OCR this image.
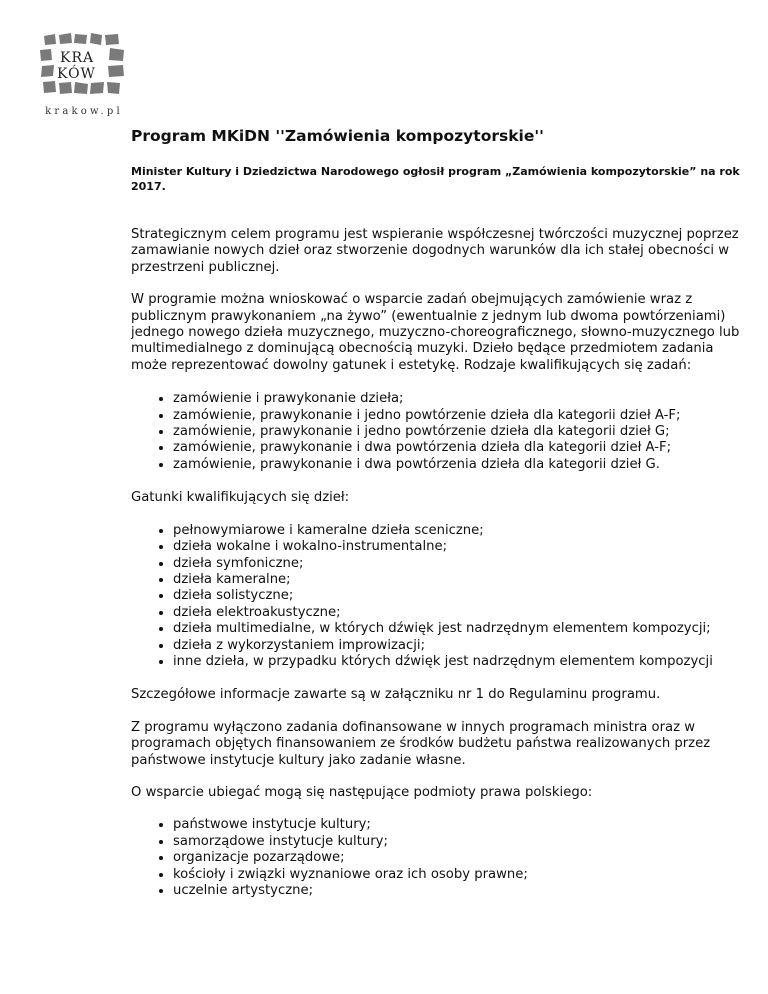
KRA
KÓW
krakow.pl
Program MKiDN ''Zamówienia kompozytorskie''
Minister Kultury i Dziedzictwa Narodowego ogłosił program „Zamówienia kompozytorskie” na rok 2017.

Strategicznym celem programu jest wspieranie współczesnej twórczości muzycznej poprzez zamawianie nowych dzieł oraz stworzenie dogodnych warunków dla ich stałej obecności w przestrzeni publicznej.

W programie można wnioskować o wsparcie zadań obejmujących zamówienie wraz z publicznym prawykonaniem „na żywo” (ewentualnie z jednym lub dwoma powtórzeniami) jednego nowego dzieła muzycznego, muzyczno-choreograficznego, słowno-muzycznego lub multimedialnego z dominującą obecnością muzyki. Dzieło będące przedmiotem zadania może reprezentować dowolny gatunek i estetykę. Rodzaje kwalifikujących się zadań:

• zamówienie i prawykonanie dzieła;
• zamówienie, prawykonanie i jedno powtórzenie dzieła dla kategorii dzieł A-F;
• zamówienie, prawykonanie i jedno powtórzenie dzieła dla kategorii dzieł G;
• zamówienie, prawykonanie i dwa powtórzenia dzieła dla kategorii dzieł A-F;
• zamówienie, prawykonanie i dwa powtórzenia dzieła dla kategorii dzieł G.

Gatunki kwalifikujących się dzieł:

• pełnowymiarowe i kameralne dzieła sceniczne;
• dzieła wokalne i wokalno-instrumentalne;
• dzieła symfoniczne;
• dzieła kameralne;
• dzieła solistyczne;
• dzieła elektroakustyczne;
• dzieła multimedialne, w których dźwięk jest nadrzędnym elementem kompozycji;
• dzieła z wykorzystaniem improwizacji;
• inne dzieła, w przypadku których dźwięk jest nadrzędnym elementem kompozycji

Szczegółowe informacje zawarte są w załączniku nr 1 do Regulaminu programu.

Z programu wyłączono zadania dofinansowane w innych programach ministra oraz w programach objętych finansowaniem ze środków budżetu państwa realizowanych przez państwowe instytucje kultury jako zadanie własne.

O wsparcie ubiegać mogą się następujące podmioty prawa polskiego:

• państwowe instytucje kultury;
• samorządowe instytucje kultury;
• organizacje pozarządowe;
• kościoły i związki wyznaniowe oraz ich osoby prawne;
• uczelnie artystyczne;
